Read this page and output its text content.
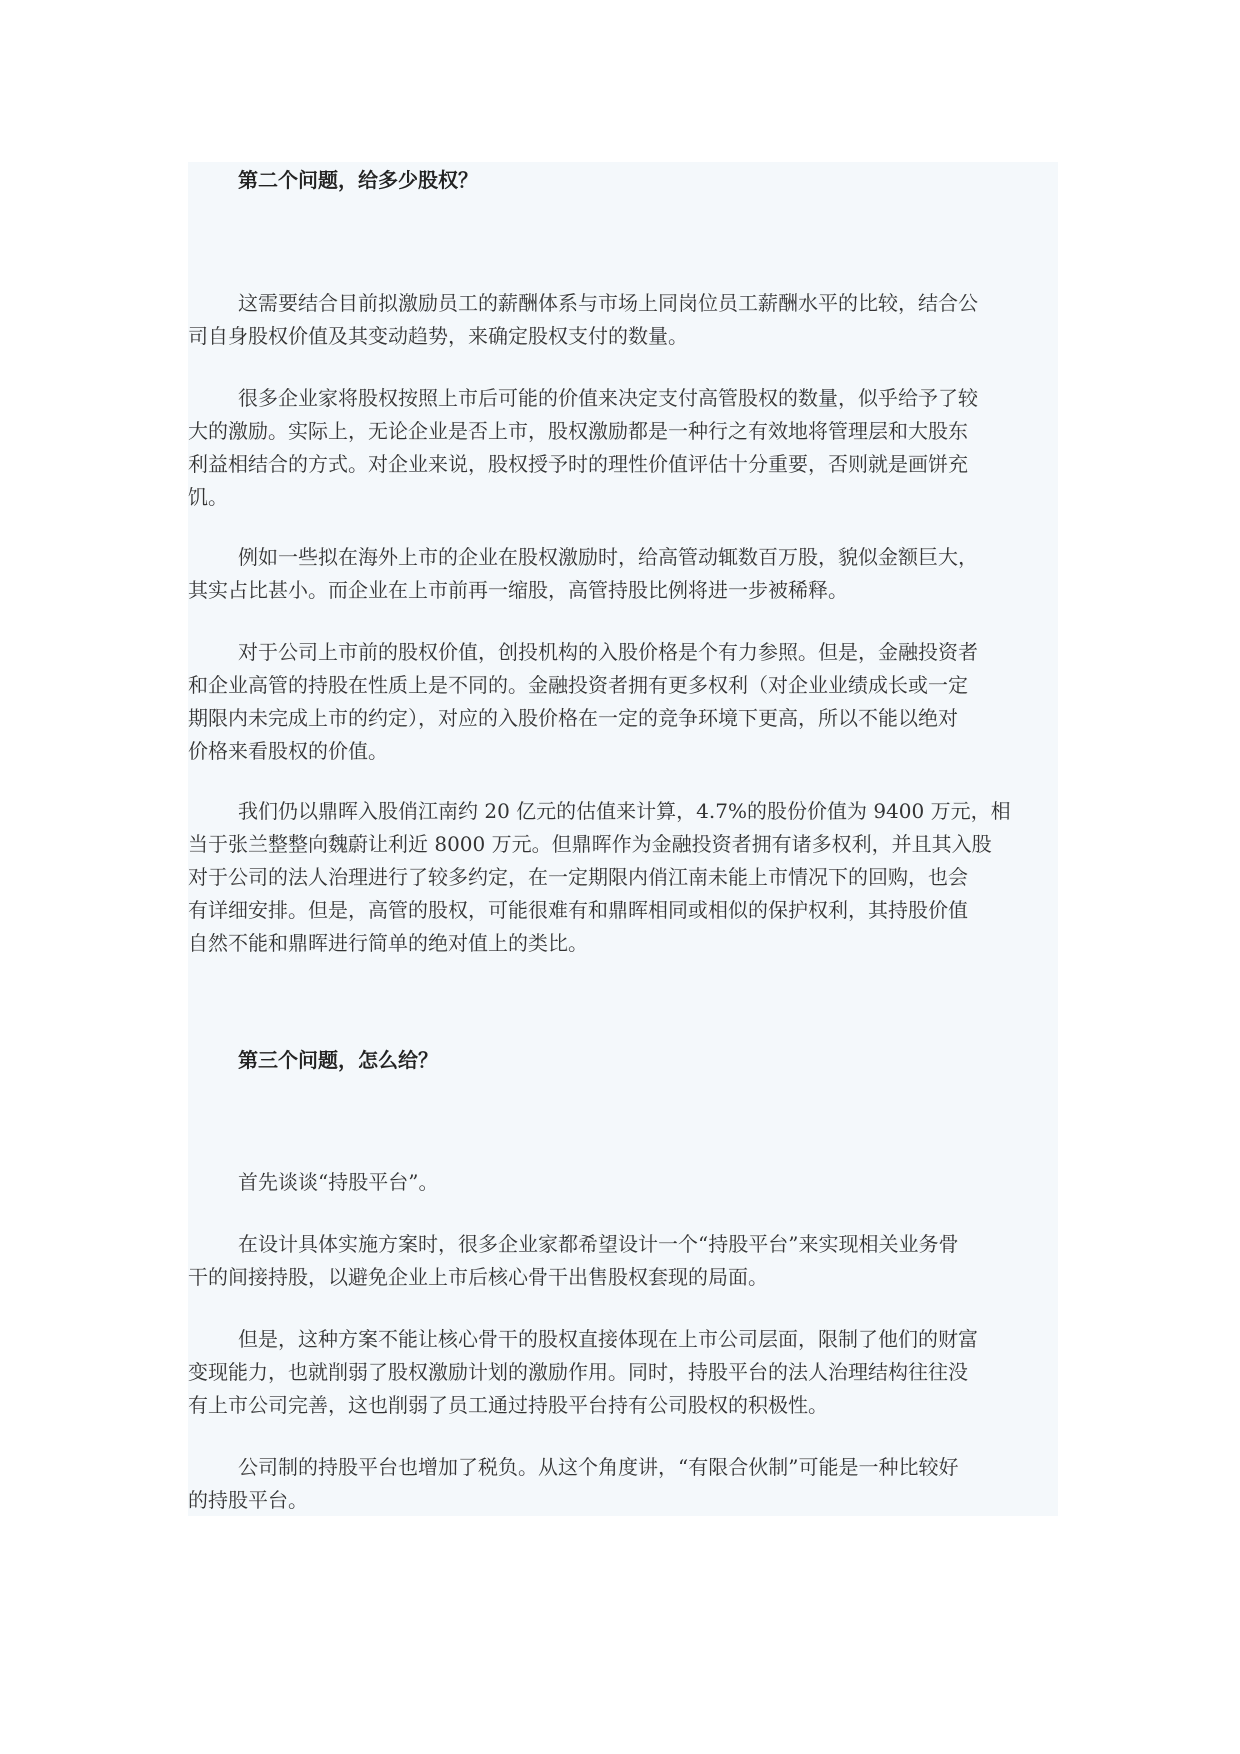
第二个问题，给多少股权？
这需要结合目前拟激励员工的薪酬体系与市场上同岗位员工薪酬水平的比较，结合公
司自身股权价值及其变动趋势，来确定股权支付的数量。
很多企业家将股权按照上市后可能的价值来决定支付高管股权的数量，似乎给予了较
大的激励。实际上，无论企业是否上市，股权激励都是一种行之有效地将管理层和大股东
利益相结合的方式。对企业来说，股权授予时的理性价值评估十分重要，否则就是画饼充
饥。
例如一些拟在海外上市的企业在股权激励时，给高管动辄数百万股，貌似金额巨大，
其实占比甚小。而企业在上市前再一缩股，高管持股比例将进一步被稀释。
对于公司上市前的股权价值，创投机构的入股价格是个有力参照。但是，金融投资者
和企业高管的持股在性质上是不同的。金融投资者拥有更多权利（对企业业绩成长或一定
期限内未完成上市的约定），对应的入股价格在一定的竞争环境下更高，所以不能以绝对
价格来看股权的价值。
我们仍以鼎晖入股俏江南约 20 亿元的估值来计算，4.7%的股份价值为 9400 万元，相
当于张兰整整向魏蔚让利近 8000 万元。但鼎晖作为金融投资者拥有诸多权利，并且其入股
对于公司的法人治理进行了较多约定，在一定期限内俏江南未能上市情况下的回购，也会
有详细安排。但是，高管的股权，可能很难有和鼎晖相同或相似的保护权利，其持股价值
自然不能和鼎晖进行简单的绝对值上的类比。
第三个问题，怎么给？
首先谈谈“持股平台”。
在设计具体实施方案时，很多企业家都希望设计一个“持股平台”来实现相关业务骨
干的间接持股，以避免企业上市后核心骨干出售股权套现的局面。
但是，这种方案不能让核心骨干的股权直接体现在上市公司层面，限制了他们的财富
变现能力，也就削弱了股权激励计划的激励作用。同时，持股平台的法人治理结构往往没
有上市公司完善，这也削弱了员工通过持股平台持有公司股权的积极性。
公司制的持股平台也增加了税负。从这个角度讲，“有限合伙制”可能是一种比较好
的持股平台。
